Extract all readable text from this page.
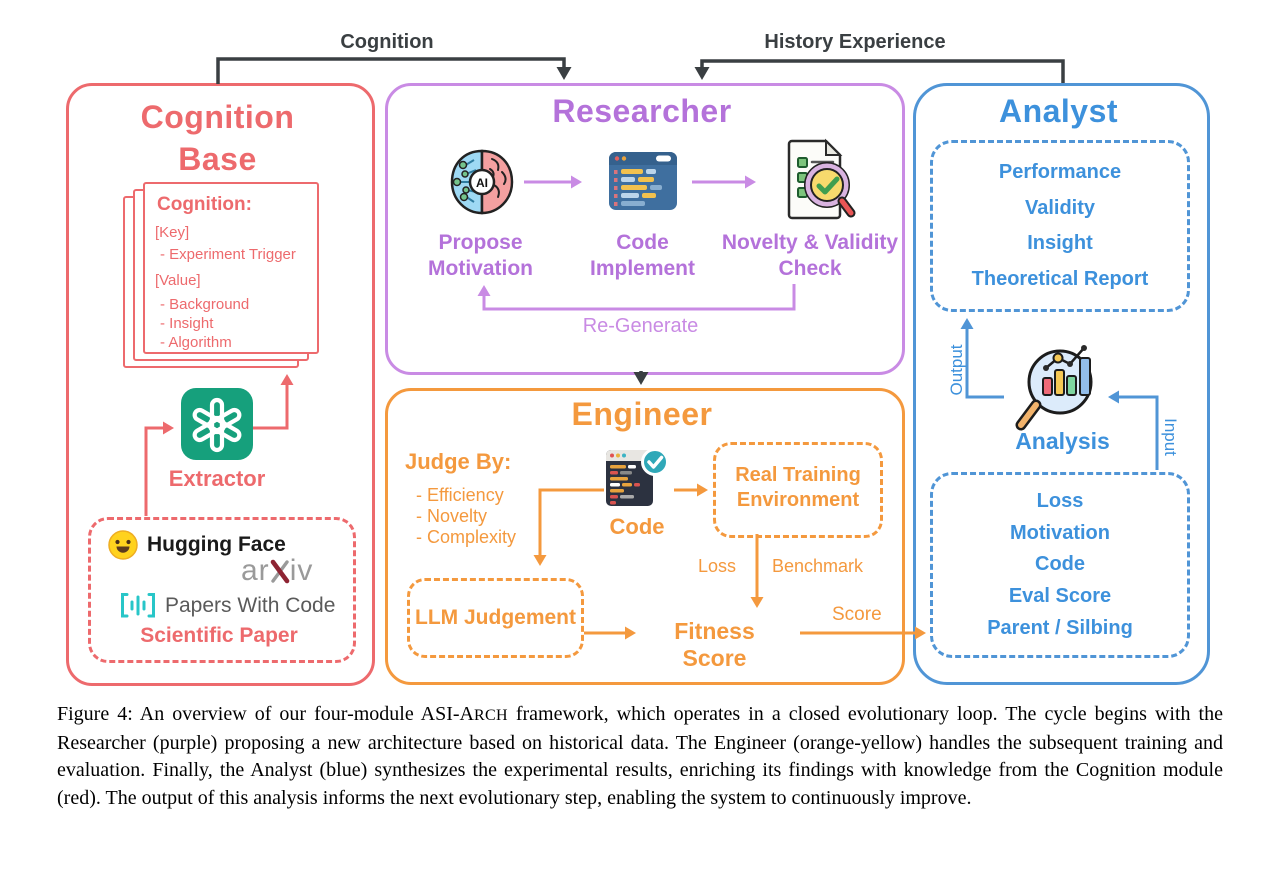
Cognition	History Experience
Cognition
Base
Cognition:
[Key]
- Experiment Trigger
[Value]
- Background
- Insight
- Algorithm
Extractor
Hugging Face
ar iv
Papers With Code
Scientific Paper
Researcher
AI
Propose
Motivation
Code
Implement
Novelty & Validity
Check
Re-Generate
Engineer
Judge By:
- Efficiency
- Novelty
- Complexity	Code
Real Training
Environment
Loss Benchmark
LLM Judgement
Fitness Score
Score
Analyst
Performance
Validity
Insight
Theoretical Report
Output
Input
Analysis
Loss
Motivation
Code
Eval Score
Parent / Silbing
Figure 4: An overview of our four-module ASI-ARCH framework, which operates in a closed evolutionary loop. The cycle begins with the Researcher (purple) proposing a new architecture based on historical data. The Engineer (orange-yellow) handles the subsequent training and evaluation. Finally, the Analyst (blue) synthesizes the experimental results, enriching its findings with knowledge from the Cognition module (red). The output of this analysis informs the next evolutionary step, enabling the system to continuously improve.
